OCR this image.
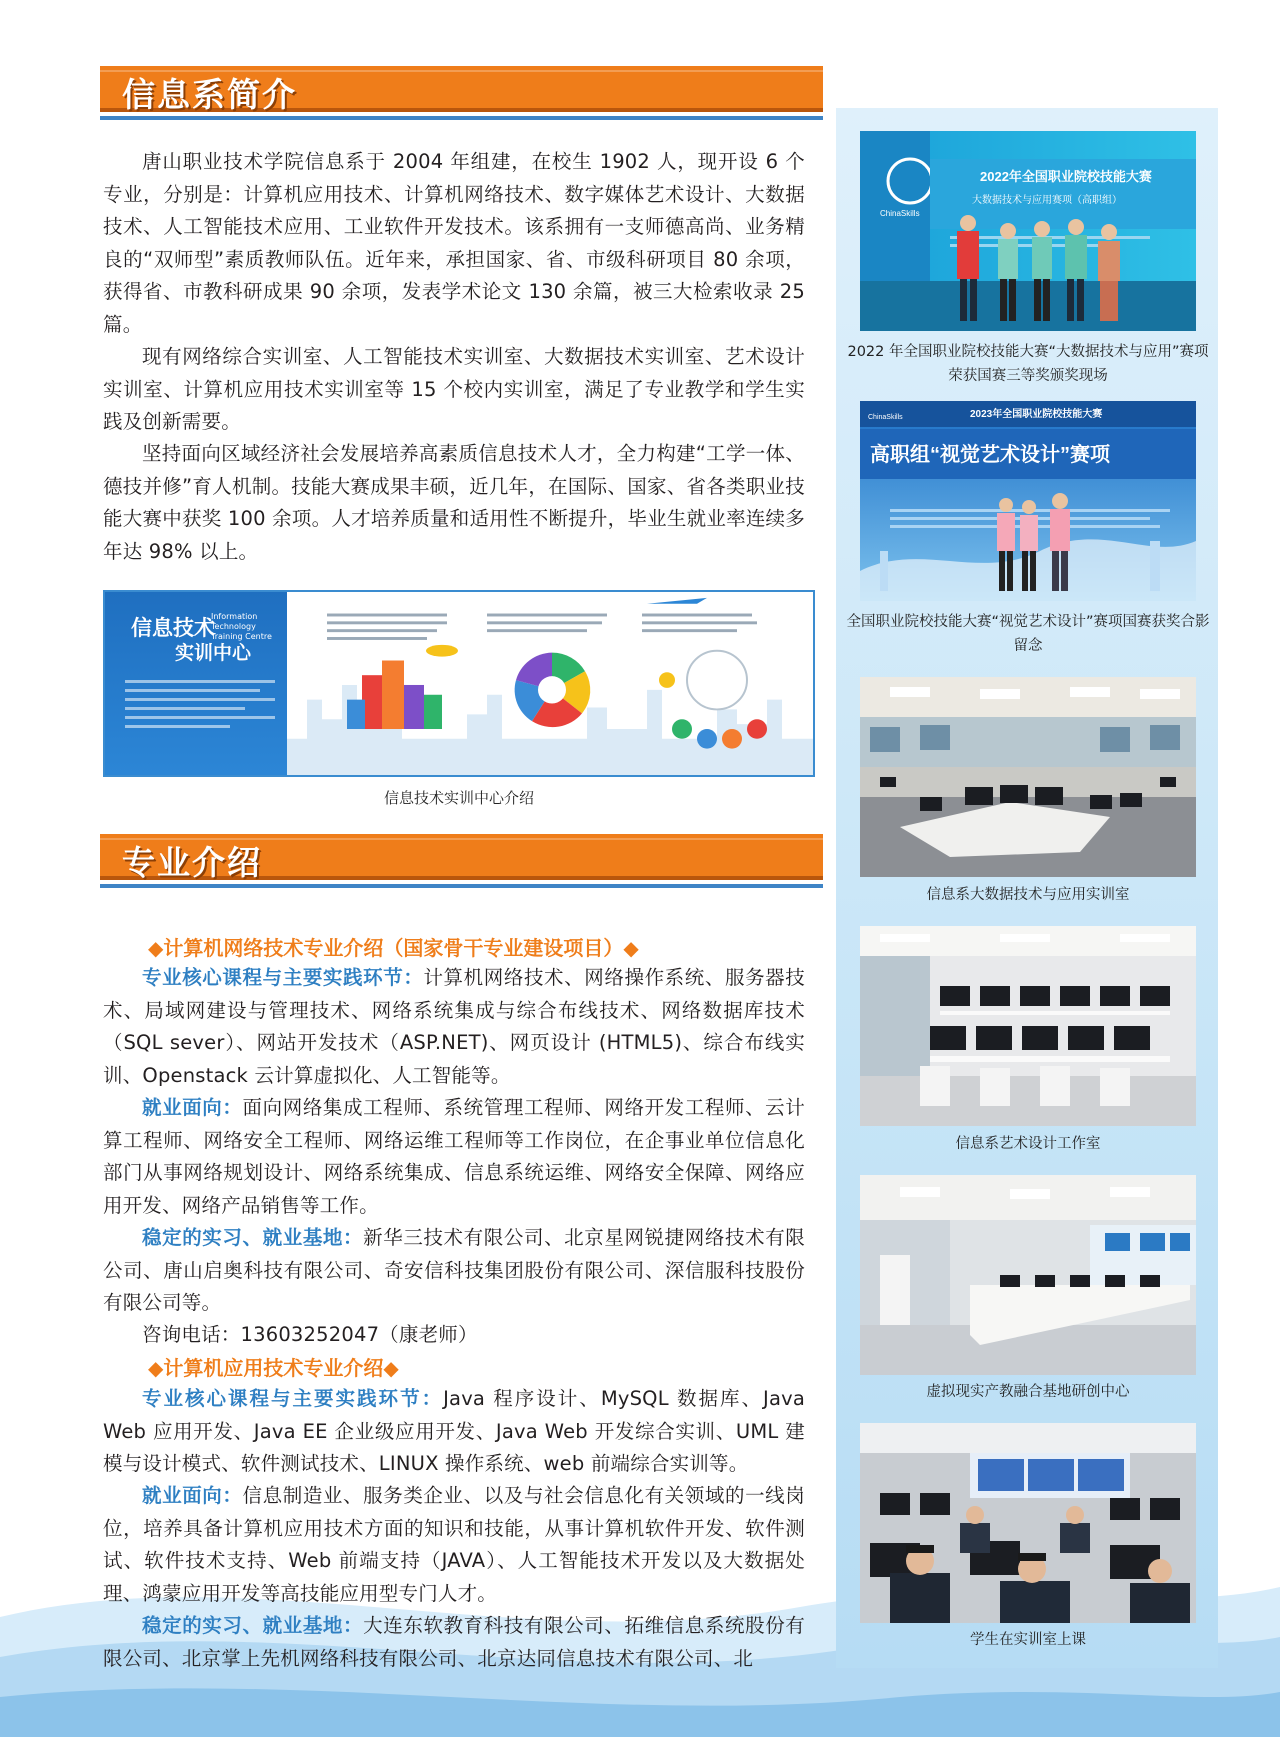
信息系简介
唐山职业技术学院信息系于 2004 年组建，在校生 1902 人，现开设 6 个专业，分别是：计算机应用技术、计算机网络技术、数字媒体艺术设计、大数据技术、人工智能技术应用、工业软件开发技术。该系拥有一支师德高尚、业务精良的“双师型”素质教师队伍。近年来，承担国家、省、市级科研项目 80 余项，获得省、市教科研成果 90 余项，发表学术论文 130 余篇，被三大检索收录 25 篇。
现有网络综合实训室、人工智能技术实训室、大数据技术实训室、艺术设计实训室、计算机应用技术实训室等 15 个校内实训室，满足了专业教学和学生实践及创新需要。
坚持面向区域经济社会发展培养高素质信息技术人才，全力构建“工学一体、德技并修”育人机制。技能大赛成果丰硕，近几年，在国际、国家、省各类职业技能大赛中获奖 100 余项。人才培养质量和适用性不断提升，毕业生就业率连续多年达 98% 以上。
信息技术
实训中心
Information Technology Training Centre
信息技术实训中心介绍
专业介绍
◆计算机网络技术专业介绍（国家骨干专业建设项目）◆
专业核心课程与主要实践环节：计算机网络技术、网络操作系统、服务器技术、局域网建设与管理技术、网络系统集成与综合布线技术、网络数据库技术（SQL sever）、网站开发技术（ASP.NET)、网页设计 (HTML5)、综合布线实训、Openstack 云计算虚拟化、人工智能等。
就业面向：面向网络集成工程师、系统管理工程师、网络开发工程师、云计算工程师、网络安全工程师、网络运维工程师等工作岗位，在企事业单位信息化部门从事网络规划设计、网络系统集成、信息系统运维、网络安全保障、网络应用开发、网络产品销售等工作。
稳定的实习、就业基地：新华三技术有限公司、北京星网锐捷网络技术有限公司、唐山启奥科技有限公司、奇安信科技集团股份有限公司、深信服科技股份有限公司等。
咨询电话：13603252047（康老师）
◆计算机应用技术专业介绍◆
专业核心课程与主要实践环节：Java 程序设计、MySQL 数据库、Java Web 应用开发、Java EE 企业级应用开发、Java Web 开发综合实训、UML 建模与设计模式、软件测试技术、LINUX 操作系统、web 前端综合实训等。
就业面向：信息制造业、服务类企业、以及与社会信息化有关领域的一线岗位，培养具备计算机应用技术方面的知识和技能，从事计算机软件开发、软件测试、软件技术支持、Web 前端支持（JAVA）、人工智能技术开发以及大数据处理、鸿蒙应用开发等高技能应用型专门人才。
稳定的实习、就业基地：大连东软教育科技有限公司、拓维信息系统股份有限公司、北京掌上先机网络科技有限公司、北京达同信息技术有限公司、北
2022年全国职业院校技能大赛
大数据技术与应用赛项（高职组）
ChinaSkills
2022 年全国职业院校技能大赛“大数据技术与应用”赛项荣获国赛三等奖颁奖现场
2023年全国职业院校技能大赛
高职组“视觉艺术设计”赛项
ChinaSkills
全国职业院校技能大赛“视觉艺术设计”赛项国赛获奖合影留念
信息系大数据技术与应用实训室
信息系艺术设计工作室
虚拟现实产教融合基地研创中心
学生在实训室上课
